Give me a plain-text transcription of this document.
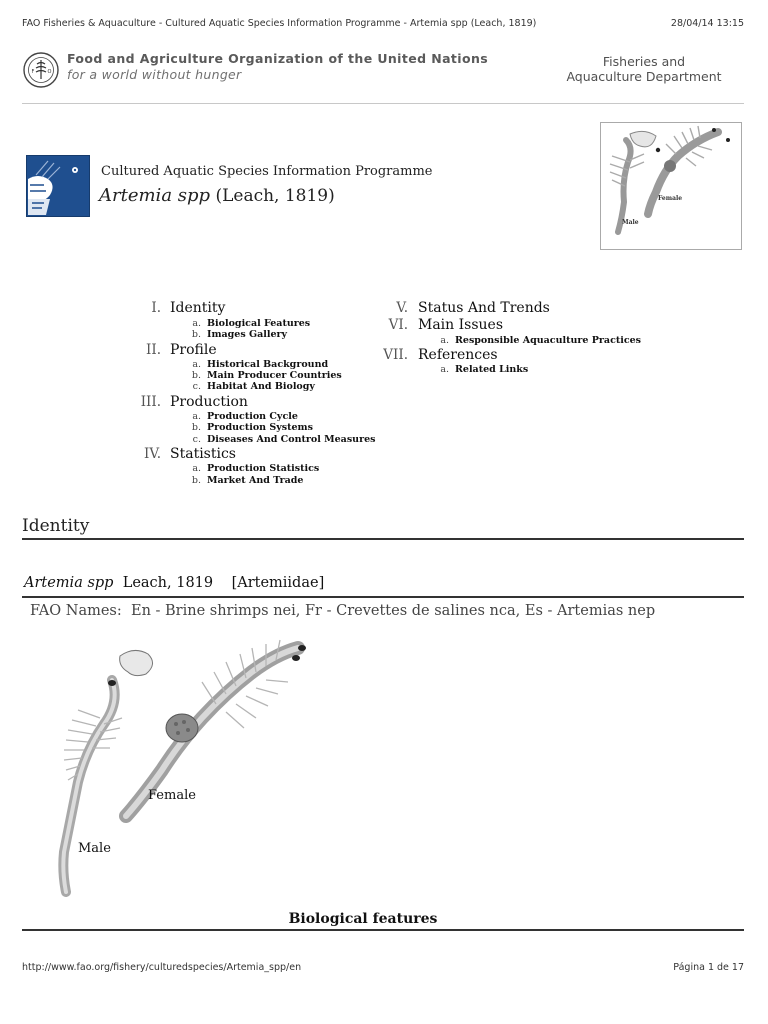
FAO Fisheries & Aquaculture - Cultured Aquatic Species Information Programme - Artemia spp (Leach, 1819)	28/04/14 13:15
F	O
Food and Agriculture Organization of the United Nations
for a world without hunger
Fisheries and
Aquaculture Department
Cultured Aquatic Species Information Programme
Artemia spp (Leach, 1819)	Female
Male
I. Identity
a. Biological Features
b. Images Gallery
II. Profile
a. Historical Background
b. Main Producer Countries
c. Habitat And Biology
III. Production
a. Production Cycle
b. Production Systems
c. Diseases And Control Measures
IV. Statistics
a. Production Statistics
b. Market And Trade
V. Status And Trends
VI. Main Issues
a. Responsible Aquaculture Practices
VII. References
a. Related Links
Identity
Artemia spp Leach, 1819 [Artemiidae]
FAO Names: En - Brine shrimps nei, Fr - Crevettes de salines nca, Es - Artemias nep
Female
Male
Biological features
http://www.fao.org/fishery/culturedspecies/Artemia_spp/en	Página 1 de 17
